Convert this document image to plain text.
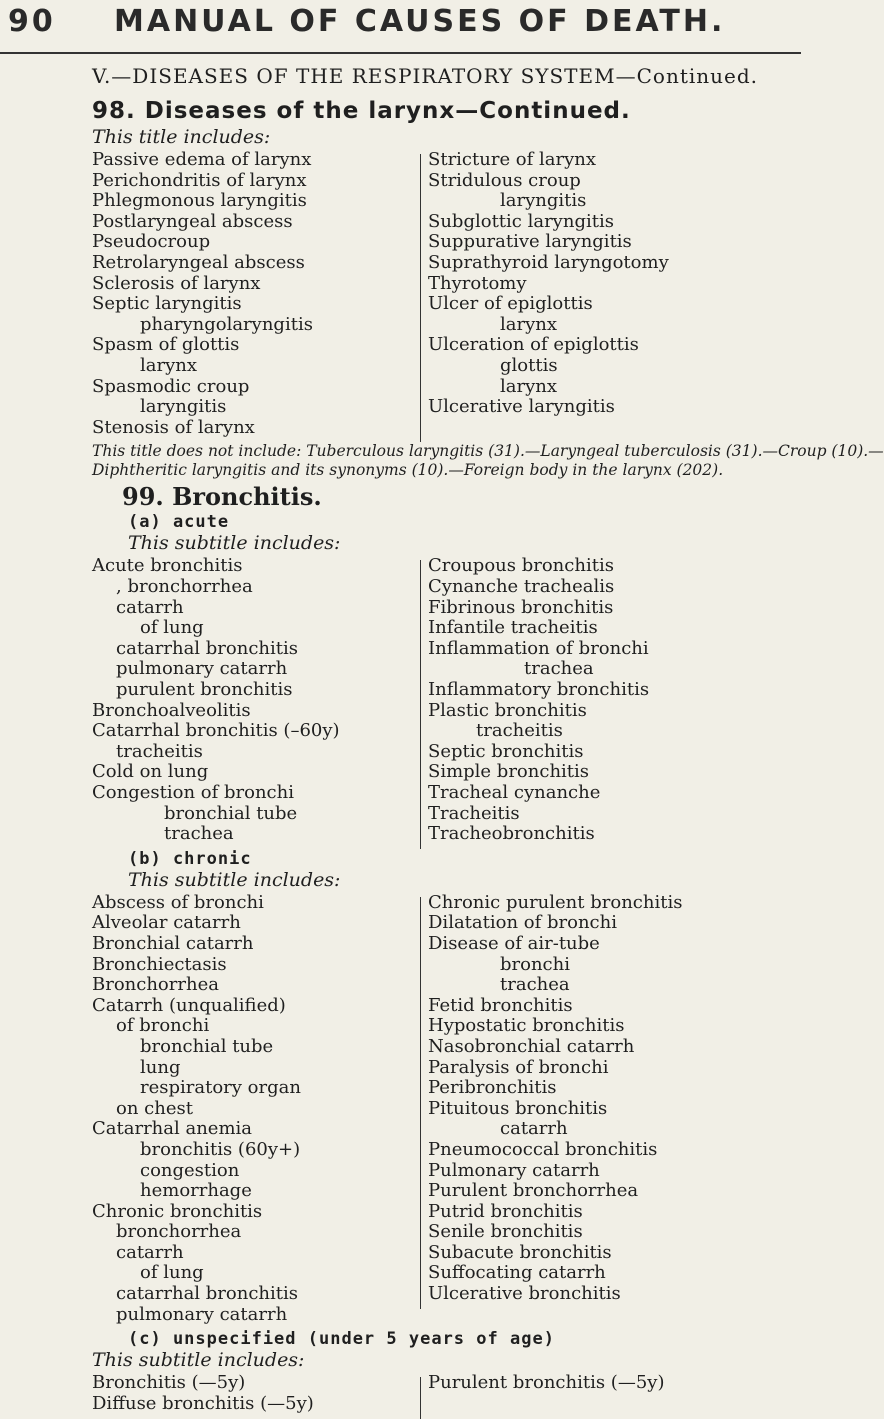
90 MANUAL OF CAUSES OF DEATH.
V.—DISEASES OF THE RESPIRATORY SYSTEM—Continued.
98. Diseases of the larynx—Continued.
This title includes:
Passive edema of larynx
Perichondritis of larynx
Phlegmonous laryngitis
Postlaryngeal abscess
Pseudocroup
Retrolaryngeal abscess
Sclerosis of larynx
Septic laryngitis
pharyngolaryngitis
Spasm of glottis
larynx
Spasmodic croup
laryngitis
Stenosis of larynx
Stricture of larynx
Stridulous croup
laryngitis
Subglottic laryngitis
Suppurative laryngitis
Suprathyroid laryngotomy
Thyrotomy
Ulcer of epiglottis
larynx
Ulceration of epiglottis
glottis
larynx
Ulcerative laryngitis
This title does not include: Tuberculous laryngitis (31).—Laryngeal tuberculosis (31).—Croup (10).—
Diphtheritic laryngitis and its synonyms (10).—Foreign body in the larynx (202).
99. Bronchitis.
(a) acute
This subtitle includes:
Acute bronchitis
, bronchorrhea
catarrh
of lung
catarrhal bronchitis
pulmonary catarrh
purulent bronchitis
Bronchoalveolitis
Catarrhal bronchitis (–60y)
tracheitis
Cold on lung
Congestion of bronchi
bronchial tube
trachea
Croupous bronchitis
Cynanche trachealis
Fibrinous bronchitis
Infantile tracheitis
Inflammation of bronchi
trachea
Inflammatory bronchitis
Plastic bronchitis
tracheitis
Septic bronchitis
Simple bronchitis
Tracheal cynanche
Tracheitis
Tracheobronchitis
(b) chronic
This subtitle includes:
Abscess of bronchi
Alveolar catarrh
Bronchial catarrh
Bronchiectasis
Bronchorrhea
Catarrh (unqualified)
of bronchi
bronchial tube
lung
respiratory organ
on chest
Catarrhal anemia
bronchitis (60y+)
congestion
hemorrhage
Chronic bronchitis
bronchorrhea
catarrh
of lung
catarrhal bronchitis
pulmonary catarrh
Chronic purulent bronchitis
Dilatation of bronchi
Disease of air-tube
bronchi
trachea
Fetid bronchitis
Hypostatic bronchitis
Nasobronchial catarrh
Paralysis of bronchi
Peribronchitis
Pituitous bronchitis
catarrh
Pneumococcal bronchitis
Pulmonary catarrh
Purulent bronchorrhea
Putrid bronchitis
Senile bronchitis
Subacute bronchitis
Suffocating catarrh
Ulcerative bronchitis
(c) unspecified (under 5 years of age)
This subtitle includes:
Bronchitis (—5y)
Diffuse bronchitis (—5y)
Purulent bronchitis (—5y)
